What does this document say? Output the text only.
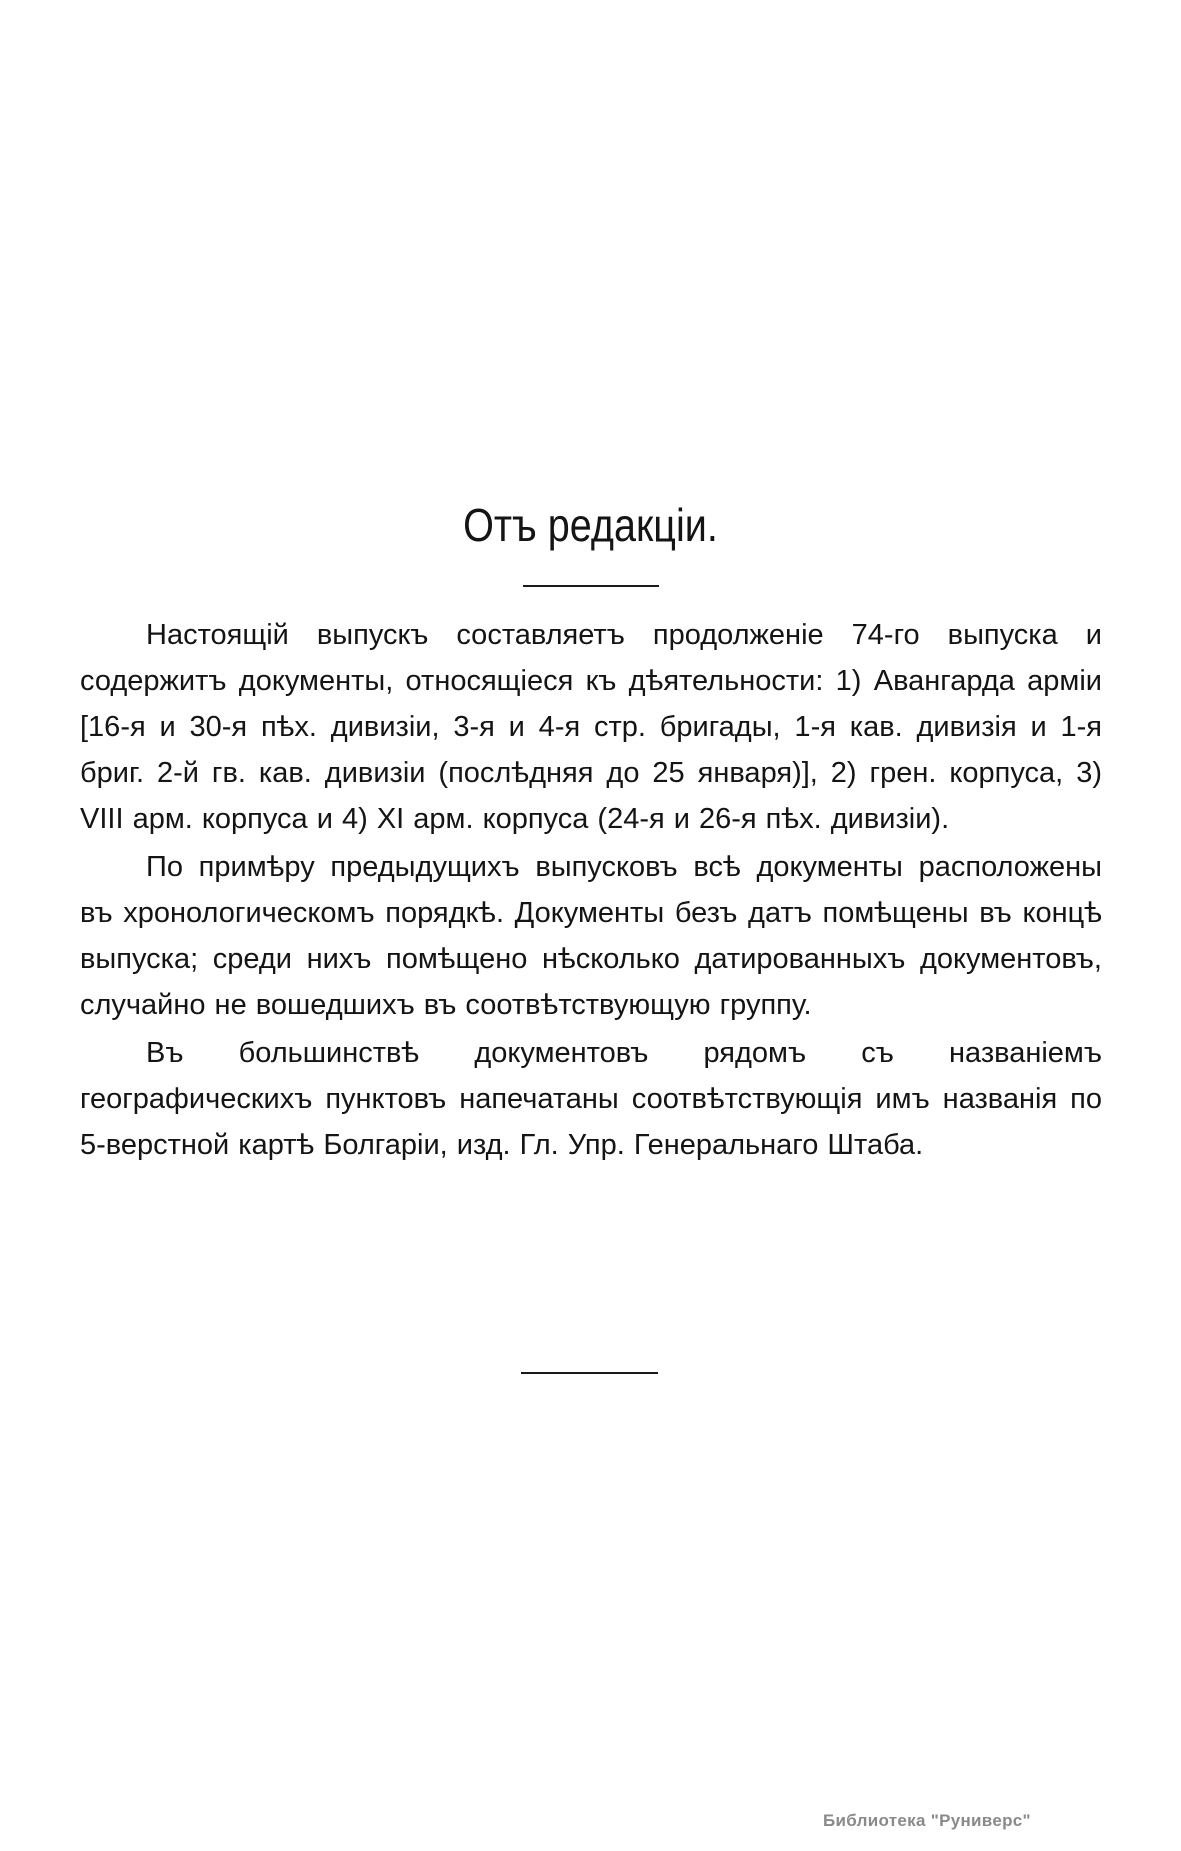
Отъ редакцiи.

Настоящій выпускъ составляетъ продолженіе 74-го выпуска и содержитъ документы, относящіеся къ дѣятельности: 1) Авангарда арміи [16-я и 30-я пѣх. дивизіи, 3-я и 4-я стр. бригады, 1-я кав. дивизія и 1-я бриг. 2-й гв. кав. дивизіи (послѣдняя до 25 января)], 2) грен. корпуса, 3) VIII арм. корпуса и 4) XI арм. корпуса (24-я и 26-я пѣх. дивизіи).

По примѣру предыдущихъ выпусковъ всѣ документы расположены въ хронологическомъ порядкѣ. Документы безъ датъ помѣщены въ концѣ выпуска; среди нихъ помѣщено нѣсколько датированныхъ документовъ, случайно не вошедшихъ въ соотвѣтствующую группу.

Въ большинствѣ документовъ рядомъ съ названіемъ географическихъ пунктовъ напечатаны соотвѣтствующія имъ названія по 5-верстной картѣ Болгаріи, изд. Гл. Упр. Генеральнаго Штаба.

Библиотека "Руниверс"
